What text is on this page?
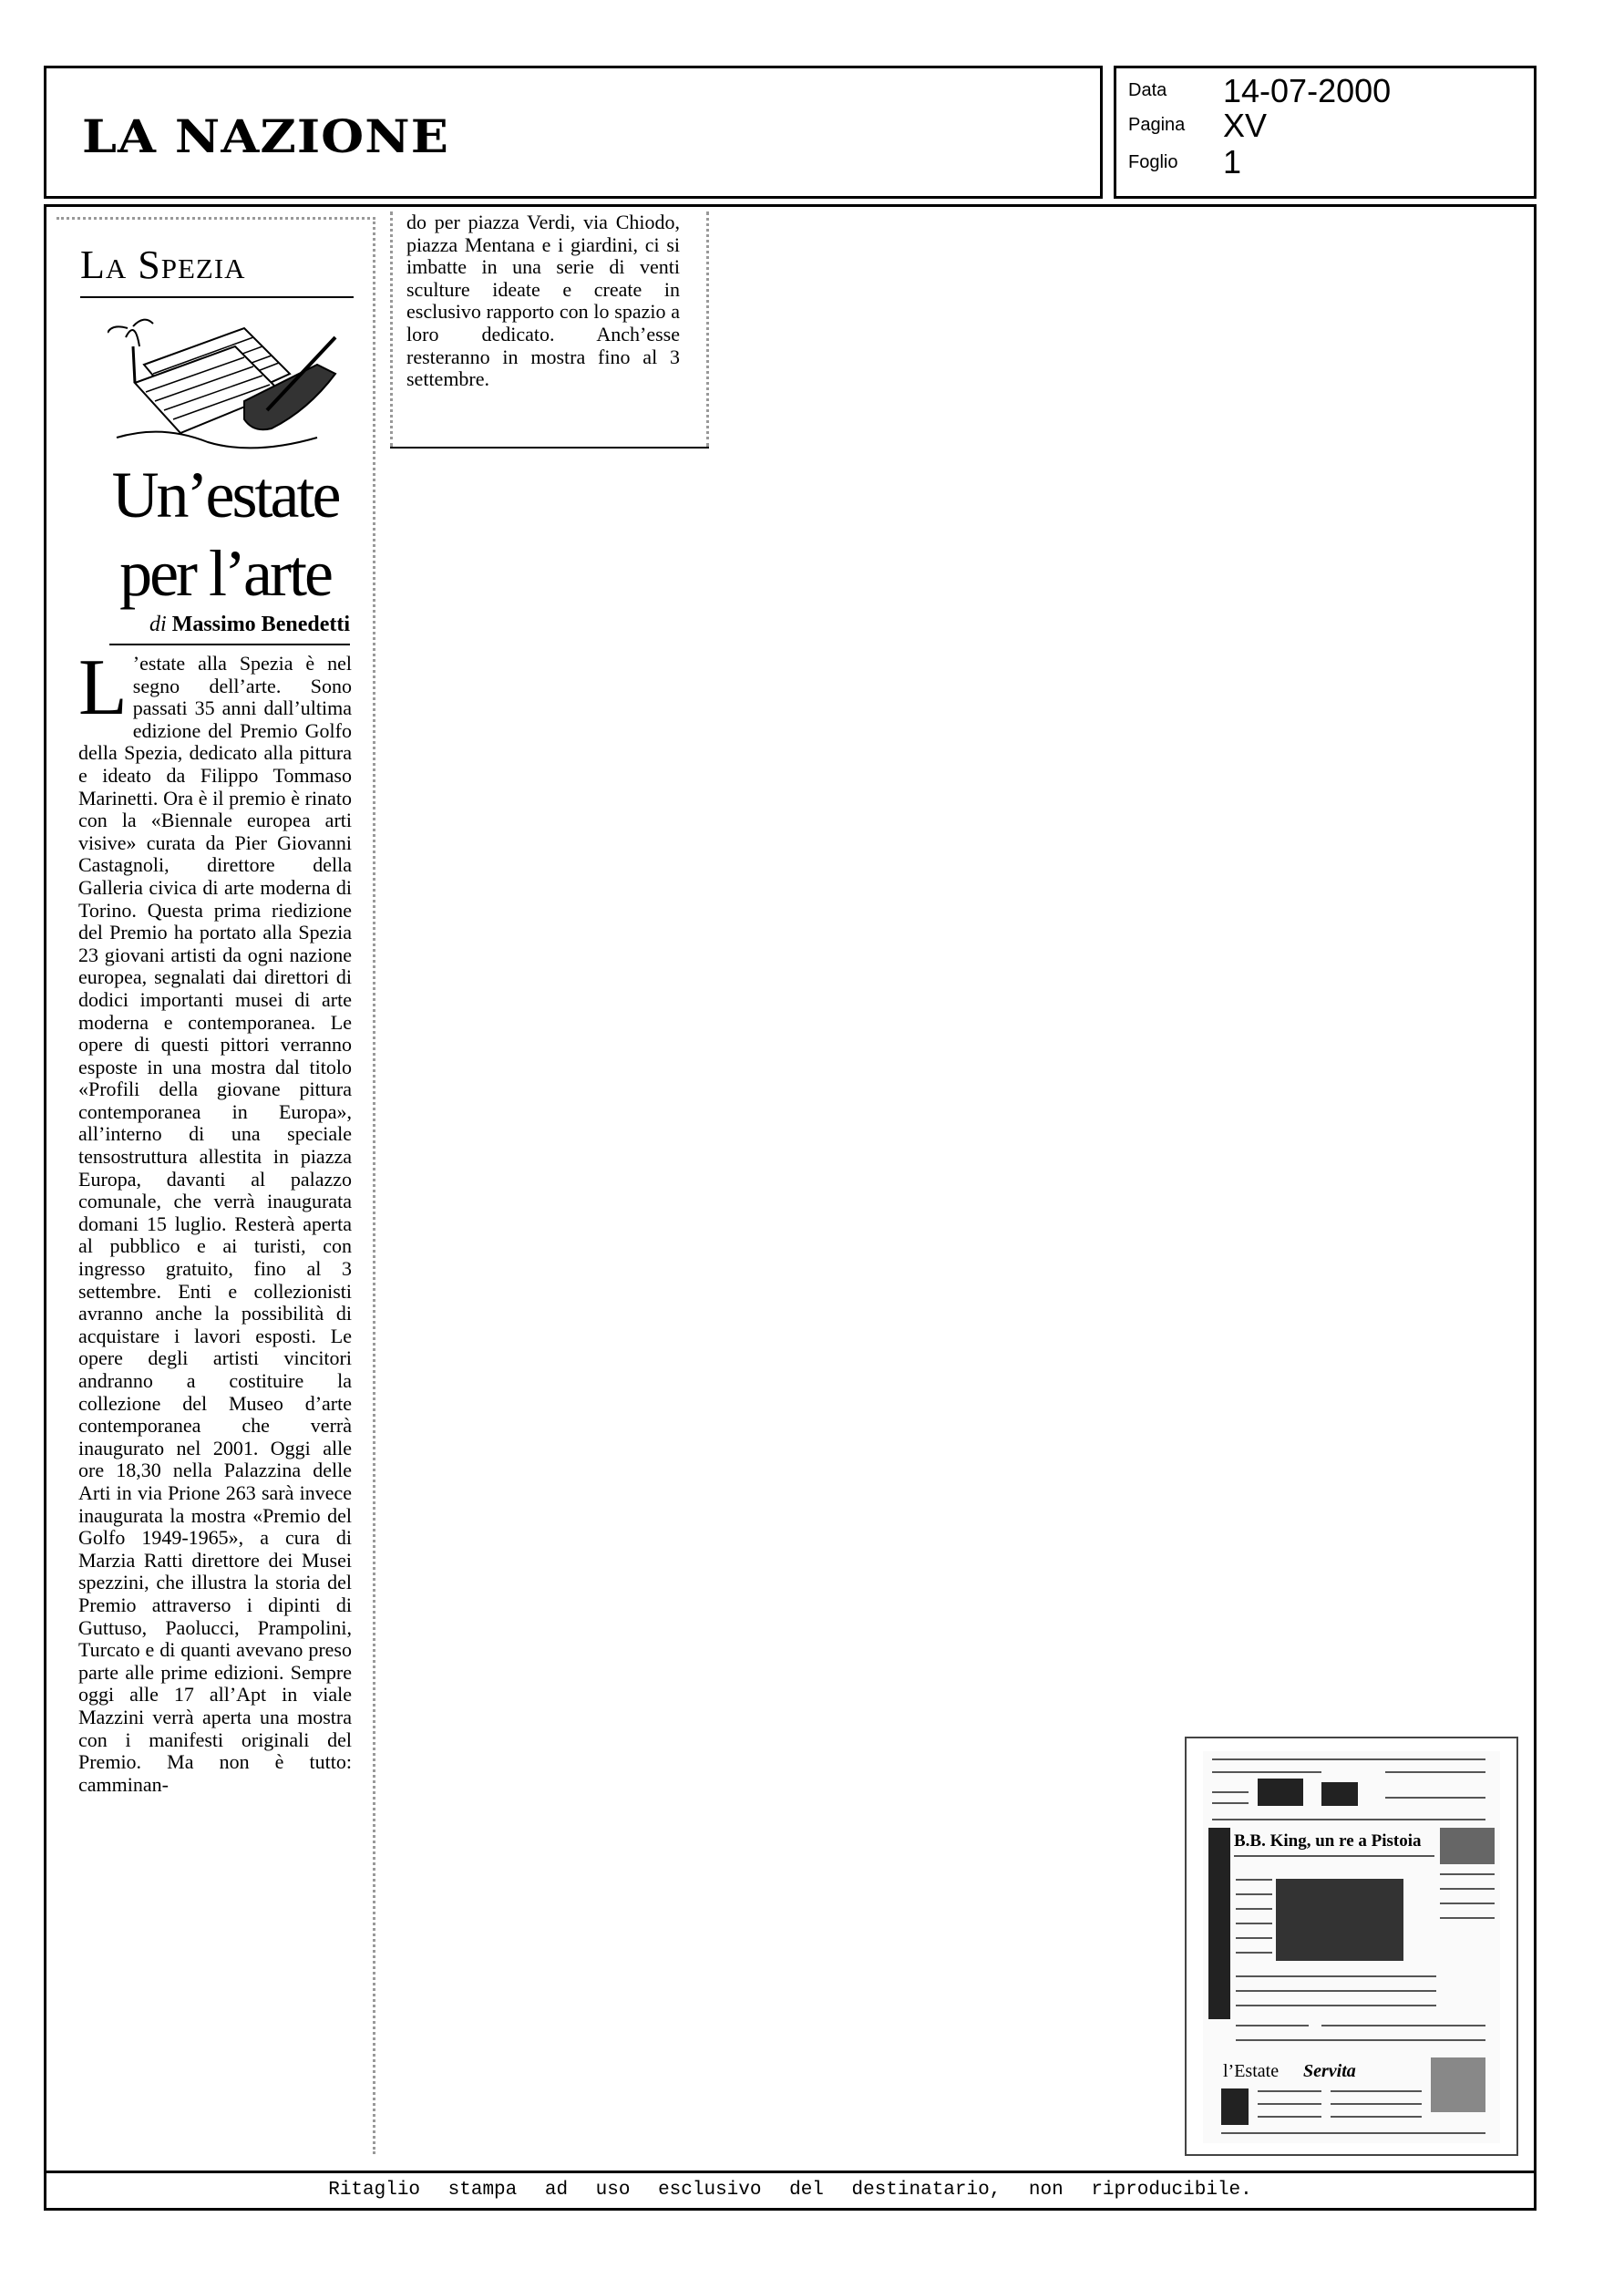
LA NAZIONE
Data 14-07-2000
Pagina XV
Foglio 1
La Spezia
Un’estate
per l’arte
di Massimo Benedetti
L ’estate alla Spezia è nel segno dell’arte. Sono passati 35 anni dall’ultima edizione del Premio Golfo della Spezia, dedicato alla pittura e ideato da Filippo Tommaso Marinetti. Ora è il premio è rinato con la «Biennale europea arti visive» curata da Pier Giovanni Castagnoli, direttore della Galleria civica di arte moderna di Torino. Questa prima riedizione del Premio ha portato alla Spezia 23 giovani artisti da ogni nazione europea, segnalati dai direttori di dodici importanti musei di arte moderna e contemporanea. Le opere di questi pittori verranno esposte in una mostra dal titolo «Profili della giovane pittura contemporanea in Europa», all’interno di una speciale tensostruttura allestita in piazza Europa, davanti al palazzo comunale, che verrà inaugurata domani 15 luglio. Resterà aperta al pubblico e ai turisti, con ingresso gratuito, fino al 3 settembre. Enti e collezionisti avranno anche la possibilità di acquistare i lavori esposti. Le opere degli artisti vincitori andranno a costituire la collezione del Museo d’arte contemporanea che verrà inaugurato nel 2001. Oggi alle ore 18,30 nella Palazzina delle Arti in via Prione 263 sarà invece inaugurata la mostra «Premio del Golfo 1949-1965», a cura di Marzia Ratti direttore dei Musei spezzini, che illustra la storia del Premio attraverso i dipinti di Guttuso, Paolucci, Prampolini, Turcato e di quanti avevano preso parte alle prime edizioni. Sempre oggi alle 17 all’Apt in viale Mazzini verrà aperta una mostra con i manifesti originali del Premio. Ma non è tutto: camminan-
do per piazza Verdi, via Chiodo, piazza Mentana e i giardini, ci si imbatte in una serie di venti sculture ideate e create in esclusivo rapporto con lo spazio a loro dedicato. Anch’esse resteranno in mostra fino al 3 settembre.
B.B. King, un re a Pistoia
l’Estate Servita
Ritaglio stampa ad uso esclusivo del destinatario, non riproducibile.
